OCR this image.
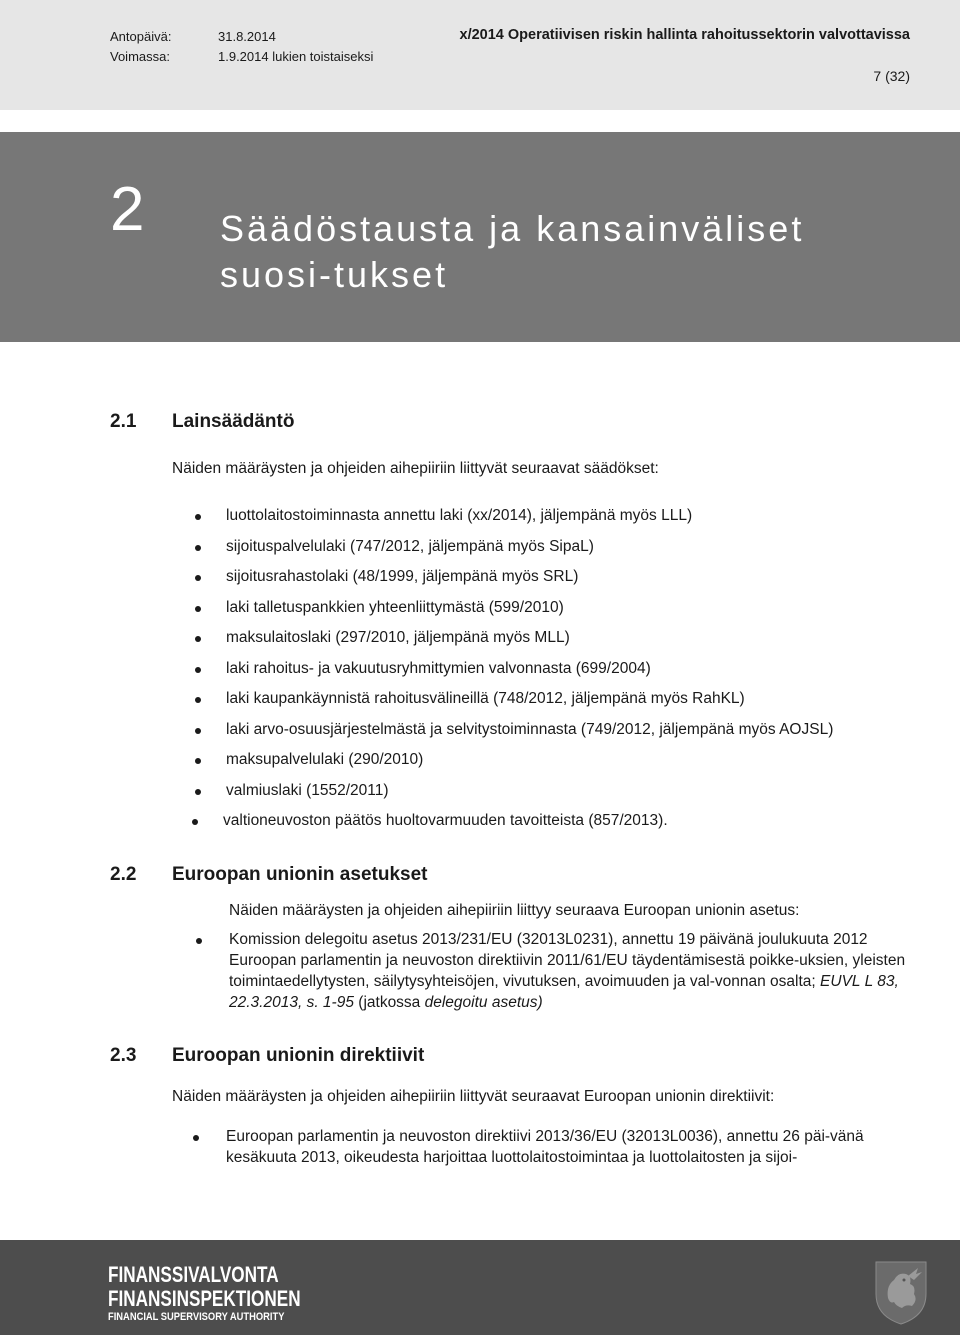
Antopäivä:	31.8.2014
Voimassa:	1.9.2014 lukien toistaiseksi
x/2014 Operatiivisen riskin hallinta rahoitussektorin valvottavissa
7 (32)
2 Säädöstausta ja kansainväliset suosi-tukset
2.1 Lainsäädäntö
Näiden määräysten ja ohjeiden aihepiiriin liittyvät seuraavat säädökset:
luottolaitostoiminnasta annettu laki (xx/2014), jäljempänä myös LLL)
sijoituspalvelulaki (747/2012, jäljempänä myös SipaL)
sijoitusrahastolaki (48/1999, jäljempänä myös SRL)
laki talletuspankkien yhteenliittymästä (599/2010)
maksulaitoslaki (297/2010, jäljempänä myös MLL)
laki rahoitus- ja vakuutusryhmittymien valvonnasta (699/2004)
laki kaupankäynnistä rahoitusvälineillä (748/2012, jäljempänä myös RahKL)
laki arvo-osuusjärjestelmästä ja selvitystoiminnasta (749/2012, jäljempänä myös AOJSL)
maksupalvelulaki (290/2010)
valmiuslaki (1552/2011)
valtioneuvoston päätös huoltovarmuuden tavoitteista (857/2013).
2.2 Euroopan unionin asetukset
Näiden määräysten ja ohjeiden aihepiiriin liittyy seuraava Euroopan unionin asetus:
Komission delegoitu asetus 2013/231/EU (32013L0231), annettu 19 päivänä joulukuuta 2012 Euroopan parlamentin ja neuvoston direktiivin 2011/61/EU täydentämisestä poikke-uksien, yleisten toimintaedellytysten, säilytysyhteisöjen, vivutuksen, avoimuuden ja val-vonnan osalta; EUVL L 83, 22.3.2013, s. 1-95 (jatkossa delegoitu asetus)
2.3 Euroopan unionin direktiivit
Näiden määräysten ja ohjeiden aihepiiriin liittyvät seuraavat Euroopan unionin direktiivit:
Euroopan parlamentin ja neuvoston direktiivi 2013/36/EU (32013L0036), annettu 26 päi-vänä kesäkuuta 2013, oikeudesta harjoittaa luottolaitostoimintaa ja luottolaitosten ja sijoi-
FINANSSIVALVONTA
FINANSINSPEKTIONEN
FINANCIAL SUPERVISORY AUTHORITY
